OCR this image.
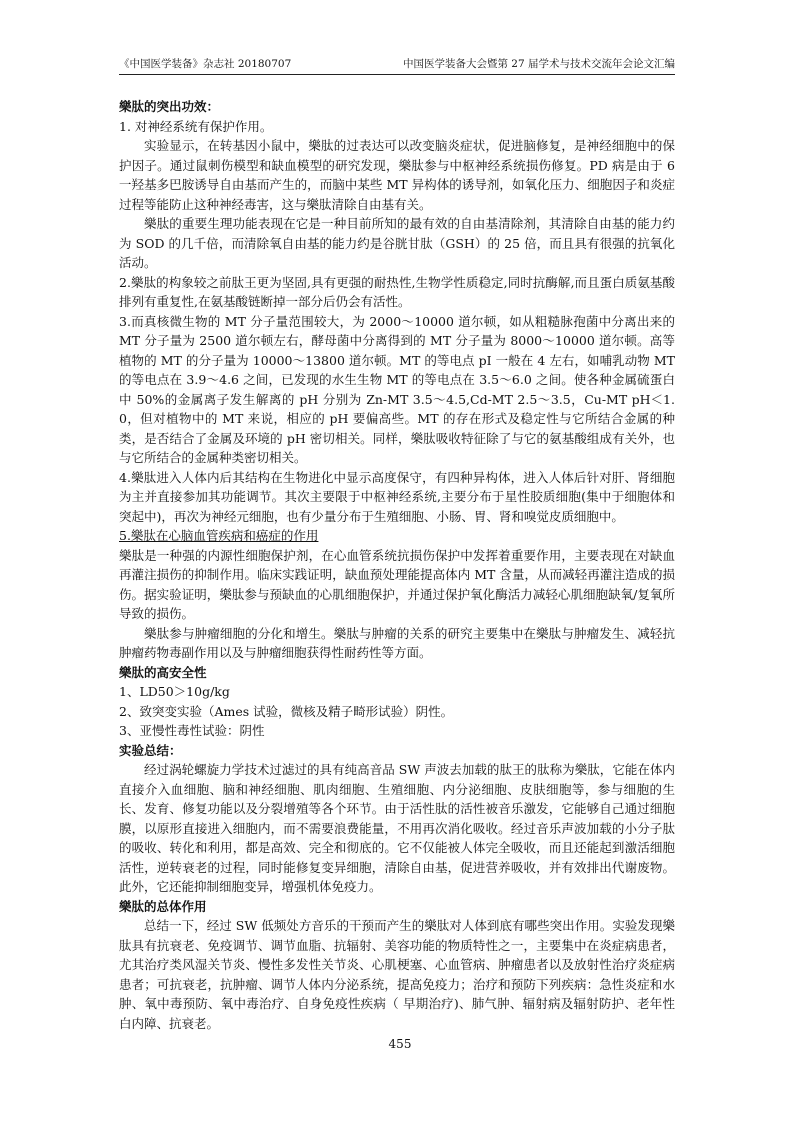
《中国医学装备》杂志社 20180707	中国医学装备大会暨第 27 届学术与技术交流年会论文汇编

樂肽的突出功效：

1. 对神经系统有保护作用。

实验显示，在转基因小鼠中，樂肽的过表达可以改变脑炎症状，促进脑修复，是神经细胞中的保护因子。通过鼠刺伤模型和缺血模型的研究发现，樂肽参与中枢神经系统损伤修复。PD 病是由于 6 一羟基多巴胺诱导自由基而产生的，而脑中某些 MT 异构体的诱导剂，如氧化压力、细胞因子和炎症过程等能防止这种神经毒害，这与樂肽清除自由基有关。

樂肽的重要生理功能表现在它是一种目前所知的最有效的自由基清除剂，其清除自由基的能力约为 SOD 的几千倍，而清除氧自由基的能力约是谷胱甘肽（GSH）的 25 倍，而且具有很强的抗氧化活动。

2.樂肽的构象较之前肽王更为坚固,具有更强的耐热性,生物学性质稳定,同时抗酶解,而且蛋白质氨基酸排列有重复性,在氨基酸链断掉一部分后仍会有活性。

3.而真核微生物的 MT 分子量范围较大，为 2000～10000 道尔顿，如从粗糙脉孢菌中分离出来的 MT 分子量为 2500 道尔顿左右，酵母菌中分离得到的 MT 分子量为 8000～10000 道尔顿。高等植物的 MT 的分子量为 10000～13800 道尔顿。MT 的等电点 pI 一般在 4 左右，如哺乳动物 MT 的等电点在 3.9～4.6 之间，已发现的水生生物 MT 的等电点在 3.5～6.0 之间。使各种金属硫蛋白中 50%的金属离子发生解离的 pH 分别为 Zn-MT 3.5～4.5,Cd-MT 2.5～3.5，Cu-MT pH＜1.0，但对植物中的 MT 来说，相应的 pH 要偏高些。MT 的存在形式及稳定性与它所结合金属的种类，是否结合了金属及环境的 pH 密切相关。同样，樂肽吸收特征除了与它的氨基酸组成有关外，也与它所结合的金属种类密切相关。

4.樂肽进入人体内后其结构在生物进化中显示高度保守，有四种异构体，进入人体后针对肝、肾细胞为主并直接参加其功能调节。其次主要限于中枢神经系统,主要分布于星性胶质细胞(集中于细胞体和突起中)，再次为神经元细胞，也有少量分布于生殖细胞、小肠、胃、肾和嗅觉皮质细胞中。

5.樂肽在心脑血管疾病和癌症的作用

樂肽是一种强的内源性细胞保护剂，在心血管系统抗损伤保护中发挥着重要作用，主要表现在对缺血再灌注损伤的抑制作用。临床实践证明，缺血预处理能提高体内 MT 含量，从而减轻再灌注造成的损伤。据实验证明，樂肽参与预缺血的心肌细胞保护，并通过保护氧化酶活力减轻心肌细胞缺氧/复氧所导致的损伤。

樂肽参与肿瘤细胞的分化和增生。樂肽与肿瘤的关系的研究主要集中在樂肽与肿瘤发生、减轻抗肿瘤药物毒副作用以及与肿瘤细胞获得性耐药性等方面。

樂肽的高安全性

1、LD50＞10g/kg

2、致突变实验（Ames 试验，微核及精子畸形试验）阴性。

3、亚慢性毒性试验：阴性

实验总结：

经过涡轮螺旋力学技术过滤过的具有纯高音品 SW 声波去加载的肽王的肽称为樂肽，它能在体内直接介入血细胞、脑和神经细胞、肌肉细胞、生殖细胞、内分泌细胞、皮肤细胞等，参与细胞的生长、发育、修复功能以及分裂增殖等各个环节。由于活性肽的活性被音乐激发，它能够自己通过细胞膜，以原形直接进入细胞内，而不需要浪费能量，不用再次消化吸收。经过音乐声波加载的小分子肽的吸收、转化和利用，都是高效、完全和彻底的。它不仅能被人体完全吸收，而且还能起到激活细胞活性，逆转衰老的过程，同时能修复变异细胞，清除自由基，促进营养吸收，并有效排出代谢废物。此外，它还能抑制细胞变异，增强机体免疫力。

樂肽的总体作用

总结一下，经过 SW 低频处方音乐的干预而产生的樂肽对人体到底有哪些突出作用。实验发现樂肽具有抗衰老、免疫调节、调节血脂、抗辐射、美容功能的物质特性之一，主要集中在炎症病患者，尤其治疗类风湿关节炎、慢性多发性关节炎、心肌梗塞、心血管病、肿瘤患者以及放射性治疗炎症病患者；可抗衰老，抗肿瘤、调节人体内分泌系统，提高免疫力；治疗和预防下列疾病：急性炎症和水肿、氧中毒预防、氧中毒治疗、自身免疫性疾病（ 早期治疗)、肺气肿、辐射病及辐射防护、老年性白内障、抗衰老。

455
